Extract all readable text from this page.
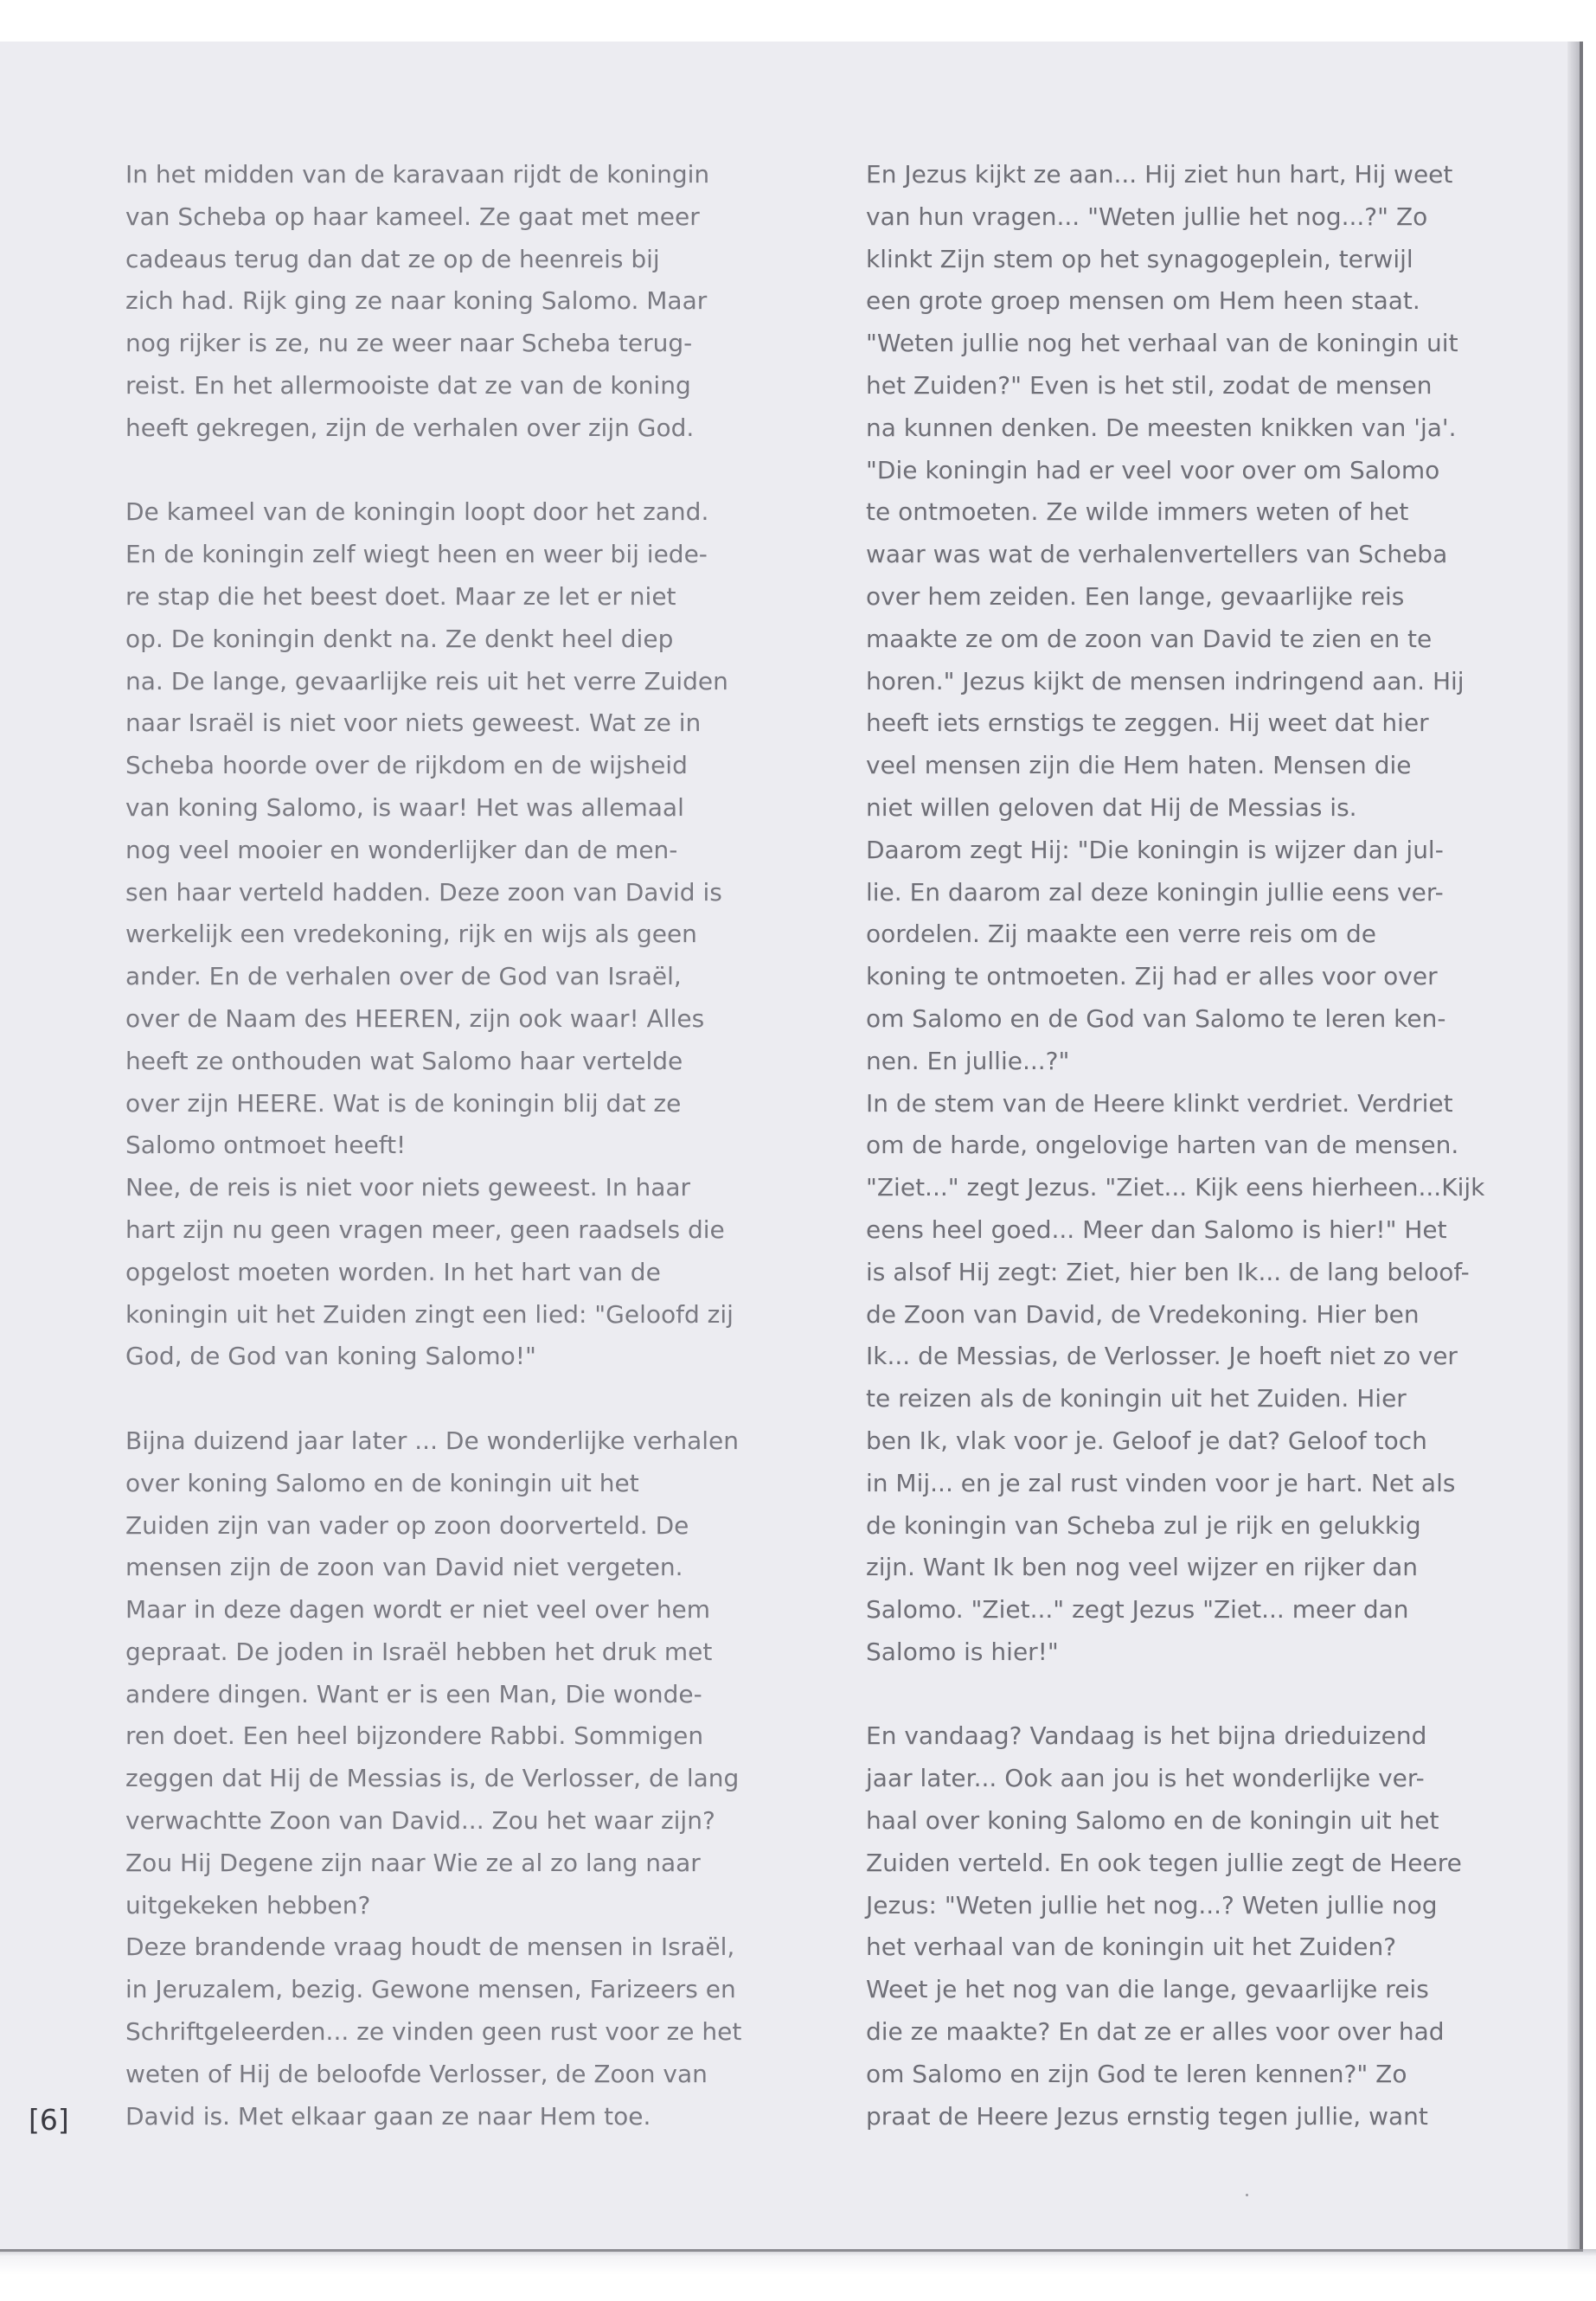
In het midden van de karavaan rijdt de koningin
van Scheba op haar kameel. Ze gaat met meer
cadeaus terug dan dat ze op de heenreis bij
zich had. Rijk ging ze naar koning Salomo. Maar
nog rijker is ze, nu ze weer naar Scheba terug-
reist. En het allermooiste dat ze van de koning
heeft gekregen, zijn de verhalen over zijn God.

De kameel van de koningin loopt door het zand.
En de koningin zelf wiegt heen en weer bij iede-
re stap die het beest doet. Maar ze let er niet
op. De koningin denkt na. Ze denkt heel diep
na. De lange, gevaarlijke reis uit het verre Zuiden
naar Israël is niet voor niets geweest. Wat ze in
Scheba hoorde over de rijkdom en de wijsheid
van koning Salomo, is waar! Het was allemaal
nog veel mooier en wonderlijker dan de men-
sen haar verteld hadden. Deze zoon van David is
werkelijk een vredekoning, rijk en wijs als geen
ander. En de verhalen over de God van Israël,
over de Naam des HEEREN, zijn ook waar! Alles
heeft ze onthouden wat Salomo haar vertelde
over zijn HEERE. Wat is de koningin blij dat ze
Salomo ontmoet heeft!

Nee, de reis is niet voor niets geweest. In haar
hart zijn nu geen vragen meer, geen raadsels die
opgelost moeten worden. In het hart van de
koningin uit het Zuiden zingt een lied: "Geloofd zij
God, de God van koning Salomo!"

Bijna duizend jaar later ... De wonderlijke verhalen
over koning Salomo en de koningin uit het
Zuiden zijn van vader op zoon doorverteld. De
mensen zijn de zoon van David niet vergeten.
Maar in deze dagen wordt er niet veel over hem
gepraat. De joden in Israël hebben het druk met
andere dingen. Want er is een Man, Die wonde-
ren doet. Een heel bijzondere Rabbi. Sommigen
zeggen dat Hij de Messias is, de Verlosser, de lang
verwachtte Zoon van David... Zou het waar zijn?
Zou Hij Degene zijn naar Wie ze al zo lang naar
uitgekeken hebben?

Deze brandende vraag houdt de mensen in Israël,
in Jeruzalem, bezig. Gewone mensen, Farizeers en
Schriftgeleerden... ze vinden geen rust voor ze het
weten of Hij de beloofde Verlosser, de Zoon van
David is. Met elkaar gaan ze naar Hem toe.

En Jezus kijkt ze aan... Hij ziet hun hart, Hij weet
van hun vragen... "Weten jullie het nog...?" Zo
klinkt Zijn stem op het synagogeplein, terwijl
een grote groep mensen om Hem heen staat.
"Weten jullie nog het verhaal van de koningin uit
het Zuiden?" Even is het stil, zodat de mensen
na kunnen denken. De meesten knikken van 'ja'.
"Die koningin had er veel voor over om Salomo
te ontmoeten. Ze wilde immers weten of het
waar was wat de verhalenvertellers van Scheba
over hem zeiden. Een lange, gevaarlijke reis
maakte ze om de zoon van David te zien en te
horen." Jezus kijkt de mensen indringend aan. Hij
heeft iets ernstigs te zeggen. Hij weet dat hier
veel mensen zijn die Hem haten. Mensen die
niet willen geloven dat Hij de Messias is.
Daarom zegt Hij: "Die koningin is wijzer dan jul-
lie. En daarom zal deze koningin jullie eens ver-
oordelen. Zij maakte een verre reis om de
koning te ontmoeten. Zij had er alles voor over
om Salomo en de God van Salomo te leren ken-
nen. En jullie...?"

In de stem van de Heere klinkt verdriet. Verdriet
om de harde, ongelovige harten van de mensen.
"Ziet..." zegt Jezus. "Ziet... Kijk eens hierheen...Kijk
eens heel goed... Meer dan Salomo is hier!" Het
is alsof Hij zegt: Ziet, hier ben Ik... de lang beloof-
de Zoon van David, de Vredekoning. Hier ben
Ik... de Messias, de Verlosser. Je hoeft niet zo ver
te reizen als de koningin uit het Zuiden. Hier
ben Ik, vlak voor je. Geloof je dat? Geloof toch
in Mij... en je zal rust vinden voor je hart. Net als
de koningin van Scheba zul je rijk en gelukkig
zijn. Want Ik ben nog veel wijzer en rijker dan
Salomo. "Ziet..." zegt Jezus "Ziet... meer dan
Salomo is hier!"

En vandaag? Vandaag is het bijna drieduizend
jaar later... Ook aan jou is het wonderlijke ver-
haal over koning Salomo en de koningin uit het
Zuiden verteld. En ook tegen jullie zegt de Heere
Jezus: "Weten jullie het nog...? Weten jullie nog
het verhaal van de koningin uit het Zuiden?
Weet je het nog van die lange, gevaarlijke reis
die ze maakte? En dat ze er alles voor over had
om Salomo en zijn God te leren kennen?" Zo
praat de Heere Jezus ernstig tegen jullie, want

[6]
